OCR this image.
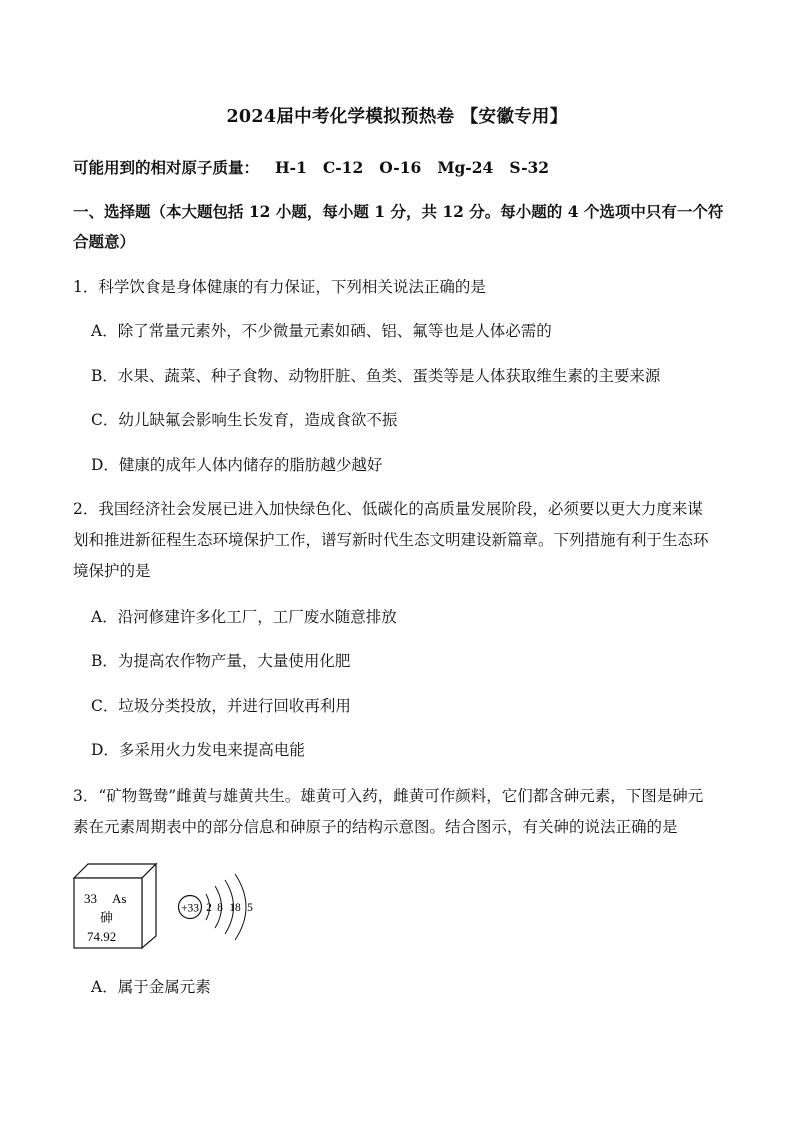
2024届中考化学模拟预热卷 【安徽专用】
可能用到的相对原子质量： H-1 C-12 O-16 Mg-24 S-32
一、选择题（本大题包括 12 小题，每小题 1 分，共 12 分。每小题的 4 个选项中只有一个符
合题意）
1．科学饮食是身体健康的有力保证，下列相关说法正确的是
A．除了常量元素外，不少微量元素如硒、铝、氟等也是人体必需的
B．水果、蔬菜、种子食物、动物肝脏、鱼类、蛋类等是人体获取维生素的主要来源
C．幼儿缺氟会影响生长发育，造成食欲不振
D．健康的成年人体内储存的脂肪越少越好
2．我国经济社会发展已进入加快绿色化、低碳化的高质量发展阶段，必须要以更大力度来谋
划和推进新征程生态环境保护工作，谱写新时代生态文明建设新篇章。下列措施有利于生态环
境保护的是
A．沿河修建许多化工厂，工厂废水随意排放
B．为提高农作物产量，大量使用化肥
C．垃圾分类投放，并进行回收再利用
D．多采用火力发电来提高电能
3．“矿物鸳鸯”雌黄与雄黄共生。雄黄可入药，雌黄可作颜料，它们都含砷元素，下图是砷元
素在元素周期表中的部分信息和砷原子的结构示意图。结合图示，有关砷的说法正确的是
33 As
砷
74.92
+33 2 8 18 5
A．属于金属元素
